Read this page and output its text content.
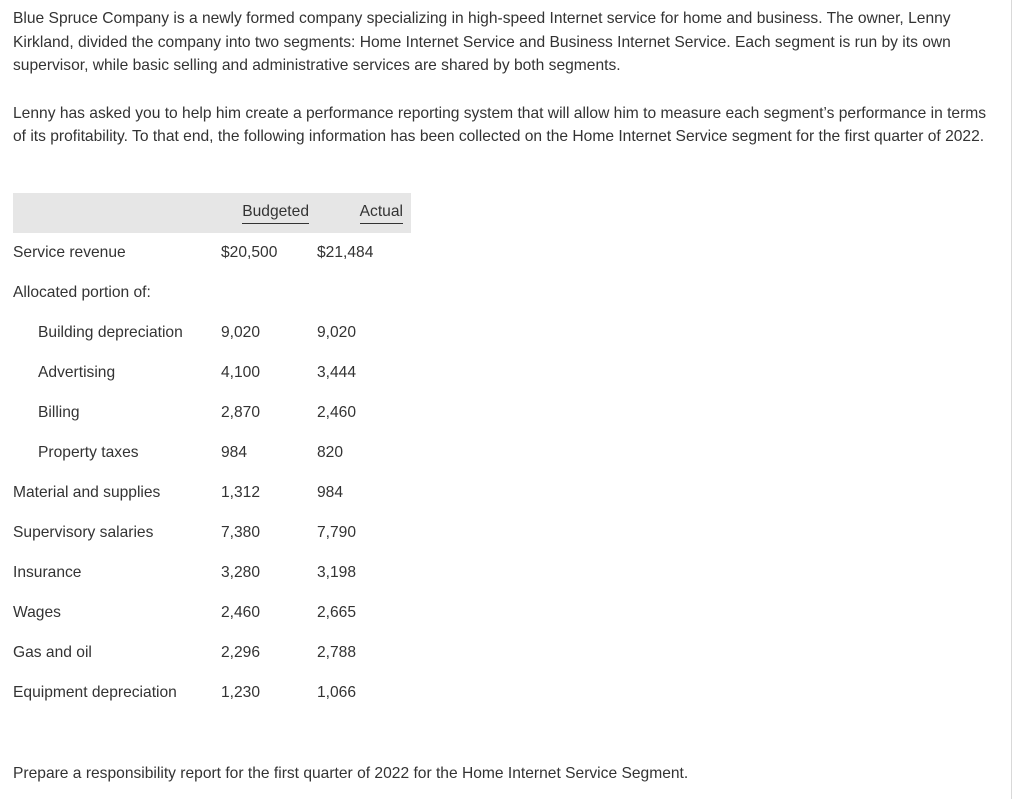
Blue Spruce Company is a newly formed company specializing in high-speed Internet service for home and business. The owner, Lenny Kirkland, divided the company into two segments: Home Internet Service and Business Internet Service. Each segment is run by its own supervisor, while basic selling and administrative services are shared by both segments.

Lenny has asked you to help him create a performance reporting system that will allow him to measure each segment’s performance in terms of its profitability. To that end, the following information has been collected on the Home Internet Service segment for the first quarter of 2022.

	Budgeted	Actual
Service revenue	$20,500	$21,484
Allocated portion of:		
Building depreciation	9,020	9,020
Advertising	4,100	3,444
Billing	2,870	2,460
Property taxes	984	820
Material and supplies	1,312	984
Supervisory salaries	7,380	7,790
Insurance	3,280	3,198
Wages	2,460	2,665
Gas and oil	2,296	2,788
Equipment depreciation	1,230	1,066

Prepare a responsibility report for the first quarter of 2022 for the Home Internet Service Segment.
